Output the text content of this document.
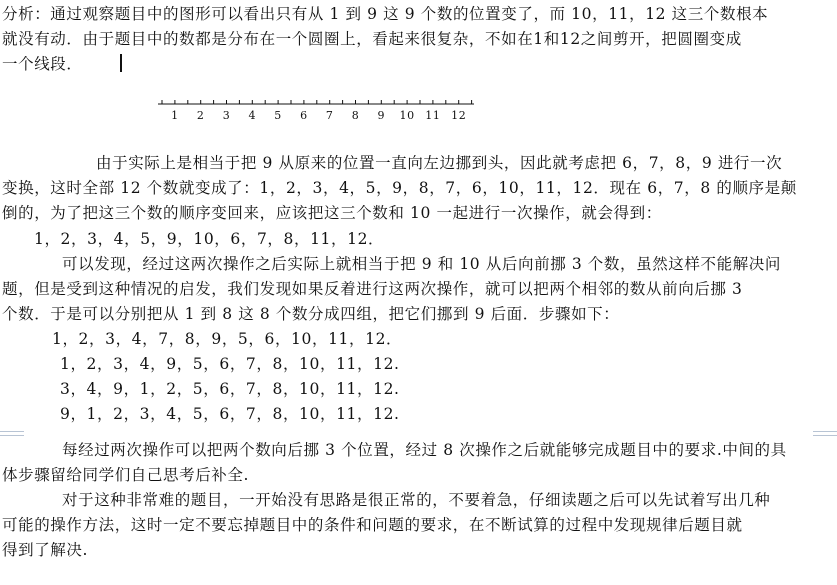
分析：通过观察题目中的图形可以看出只有从 1 到 9 这 9 个数的位置变了，而 10，11，12 这三个数根本
就没有动．由于题目中的数都是分布在一个圆圈上，看起来很复杂，不如在1和12之间剪开，把圆圈变成
一个线段．
1 2 3 4 5 6 7 8 9 10 11 12
由于实际上是相当于把 9 从原来的位置一直向左边挪到头，因此就考虑把 6，7，8，9 进行一次
变换，这时全部 12 个数就变成了：1，2，3，4，5，9，8，7，6，10，11，12．现在 6，7，8 的顺序是颠
倒的，为了把这三个数的顺序变回来，应该把这三个数和 10 一起进行一次操作，就会得到：
1，2，3，4，5，9，10，6，7，8，11，12．
可以发现，经过这两次操作之后实际上就相当于把 9 和 10 从后向前挪 3 个数，虽然这样不能解决问
题，但是受到这种情况的启发，我们发现如果反着进行这两次操作，就可以把两个相邻的数从前向后挪 3
个数．于是可以分别把从 1 到 8 这 8 个数分成四组，把它们挪到 9 后面．步骤如下：
1，2，3，4，7，8，9，5，6，10，11，12．
1，2，3，4，9，5，6，7，8，10，11，12.
3，4，9，1，2，5，6，7，8，10，11，12.
9，1，2，3，4，5，6，7，8，10，11，12.
每经过两次操作可以把两个数向后挪 3 个位置，经过 8 次操作之后就能够完成题目中的要求.中间的具
体步骤留给同学们自己思考后补全.
对于这种非常难的题目，一开始没有思路是很正常的，不要着急，仔细读题之后可以先试着写出几种
可能的操作方法，这时一定不要忘掉题目中的条件和问题的要求，在不断试算的过程中发现规律后题目就
得到了解决.
